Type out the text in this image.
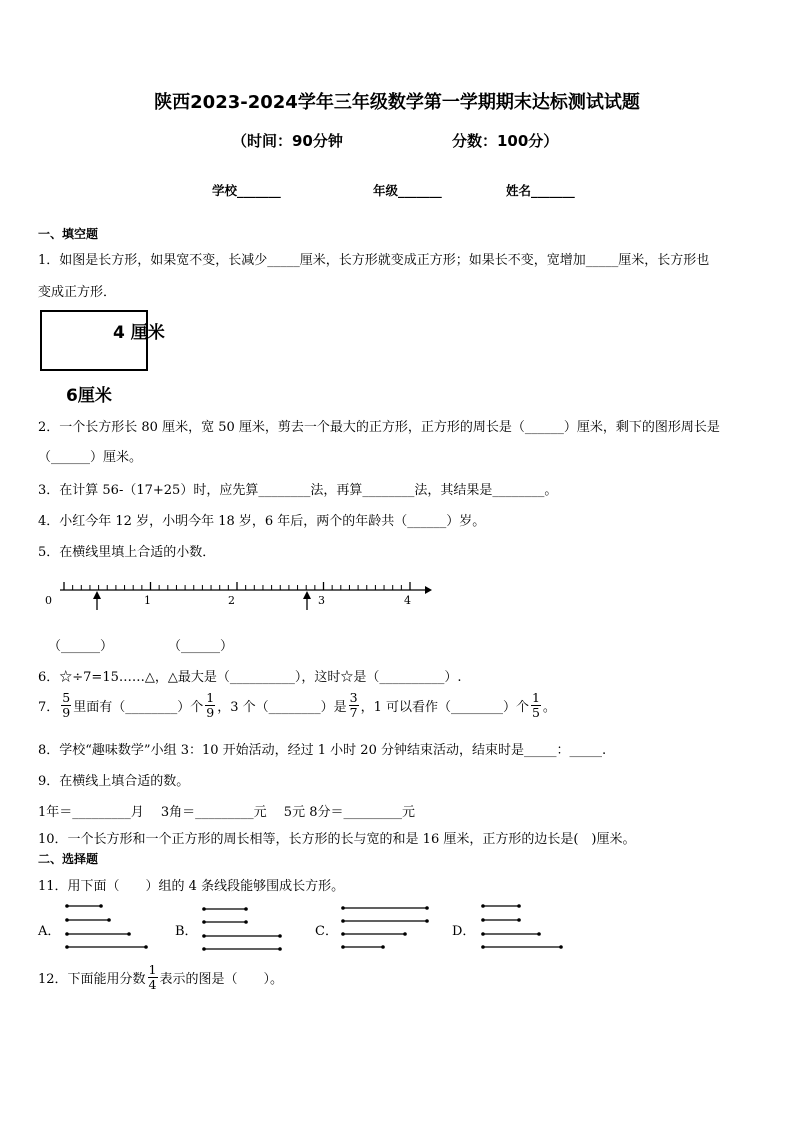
陕西2023-2024学年三年级数学第一学期期末达标测试试题
（时间：90分钟	分数：100分）
学校_______	年级_______	姓名_______
一、填空题
1．如图是长方形，如果宽不变，长减少_____厘米，长方形就变成正方形；如果长不变，宽增加_____厘米，长方形也
变成正方形．
4 厘米
6厘米
2．一个长方形长 80 厘米，宽 50 厘米，剪去一个最大的正方形，正方形的周长是（______）厘米，剩下的图形周长是
（______）厘米。
3．在计算 56-（17+25）时，应先算________法，再算________法，其结果是________。
4．小红今年 12 岁，小明今年 18 岁，6 年后，两个的年龄共（______）岁。
5．在横线里填上合适的小数．
0	1	2	3	4
（______）	（______）
6．☆÷7=15……△，△最大是（__________），这时☆是（__________）.
7． $\frac{5}{9}$ 里面有（________）个 $\frac{1}{9}$ ，3 个（________）是 $\frac{3}{7}$ ，1 可以看作（________）个 $\frac{1}{5}$ 。
8．学校“趣味数学”小组 3：10 开始活动，经过 1 小时 20 分钟结束活动，结束时是_____：_____.
9．在横线上填合适的数。
1年＝_________月　 3角＝_________元　 5元 8分＝_________元
10．一个长方形和一个正方形的周长相等，长方形的长与宽的和是 16 厘米，正方形的边长是(　)厘米。
二、选择题
11．用下面（　　）组的 4 条线段能够围成长方形。
A．	B．	C．	D．
12．下面能用分数 $\frac{1}{4}$ 表示的图是（　　）。
